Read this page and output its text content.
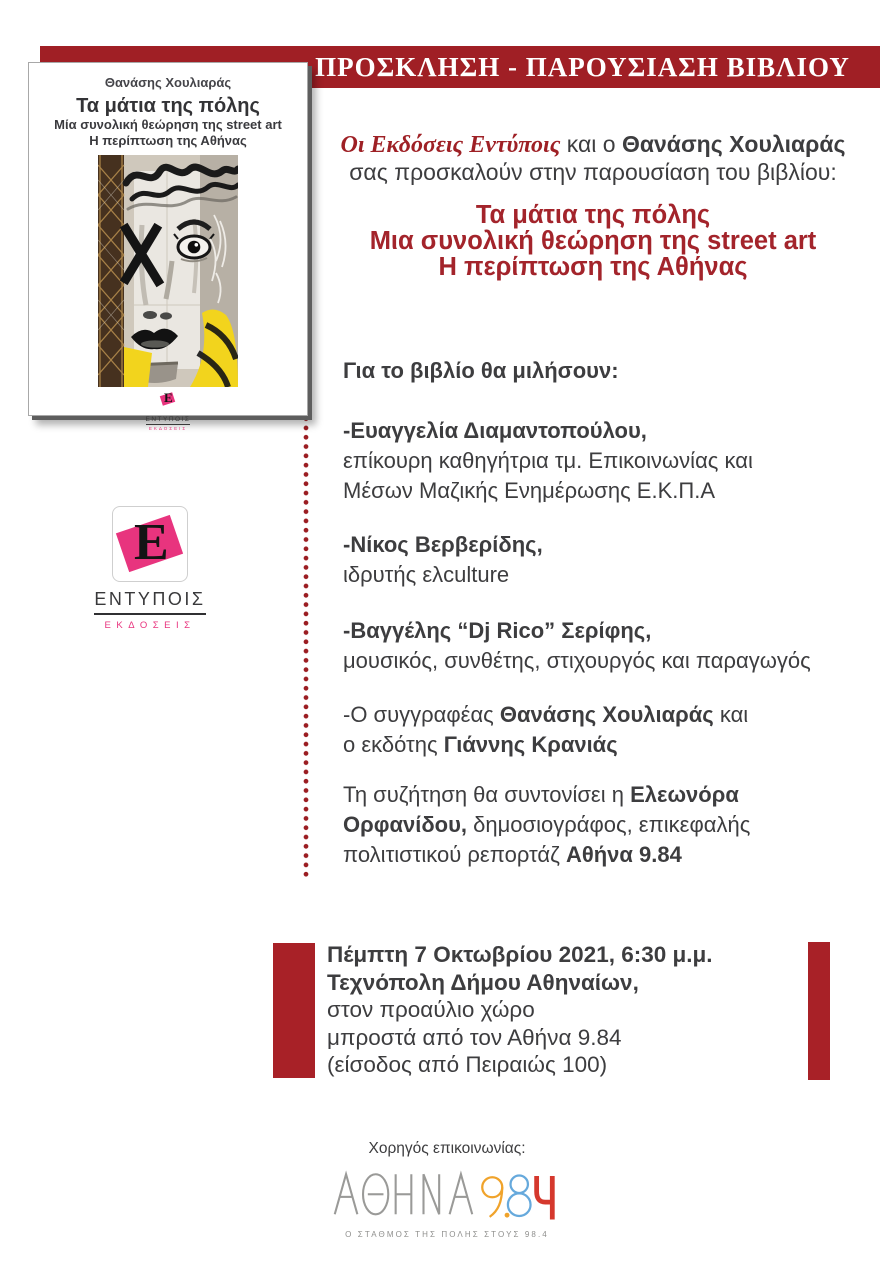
ΠΡΟΣΚΛΗΣΗ - ΠΑΡΟΥΣΙΑΣΗ ΒΙΒΛΙΟΥ
Θανάσης Χουλιαράς
Τα μάτια της πόλης
Μία συνολική θεώρηση της street art
Η περίπτωση της Αθήνας
Ε
ΕΝΤΥΠΟΙΣ
ΕΚΔΟΣΕΙΣ
Οι Εκδόσεις Εντύποις και ο Θανάσης Χουλιαράς
σας προσκαλούν στην παρουσίαση του βιβλίου:
Τα μάτια της πόλης
Μια συνολική θεώρηση της street art
Η περίπτωση της Αθήνας
Για το βιβλίο θα μιλήσουν:
-Ευαγγελία Διαμαντοπούλου,
επίκουρη καθηγήτρια τμ. Επικοινωνίας και
Μέσων Μαζικής Ενημέρωσης Ε.Κ.Π.Α
-Νίκος Βερβερίδης,
ιδρυτής ελculture
-Βαγγέλης “Dj Rico” Σερίφης,
μουσικός, συνθέτης, στιχουργός και παραγωγός
-Ο συγγραφέας Θανάσης Χουλιαράς και
ο εκδότης Γιάννης Κρανιάς
Τη συζήτηση θα συντονίσει η Ελεωνόρα
Ορφανίδου, δημοσιογράφος, επικεφαλής
πολιτιστικού ρεπορτάζ Αθήνα 9.84
Πέμπτη 7 Οκτωβρίου 2021, 6:30 μ.μ.
Τεχνόπολη Δήμου Αθηναίων,
στον προαύλιο χώρο
μπροστά από τον Αθήνα 9.84
(είσοδος από Πειραιώς 100)
Ε
ΕΝΤΥΠΟΙΣ
ΕΚΔΟΣΕΙΣ
Χορηγός επικοινωνίας:
Ο ΣΤΑΘΜΟΣ ΤΗΣ ΠΟΛΗΣ ΣΤΟΥΣ 98.4
